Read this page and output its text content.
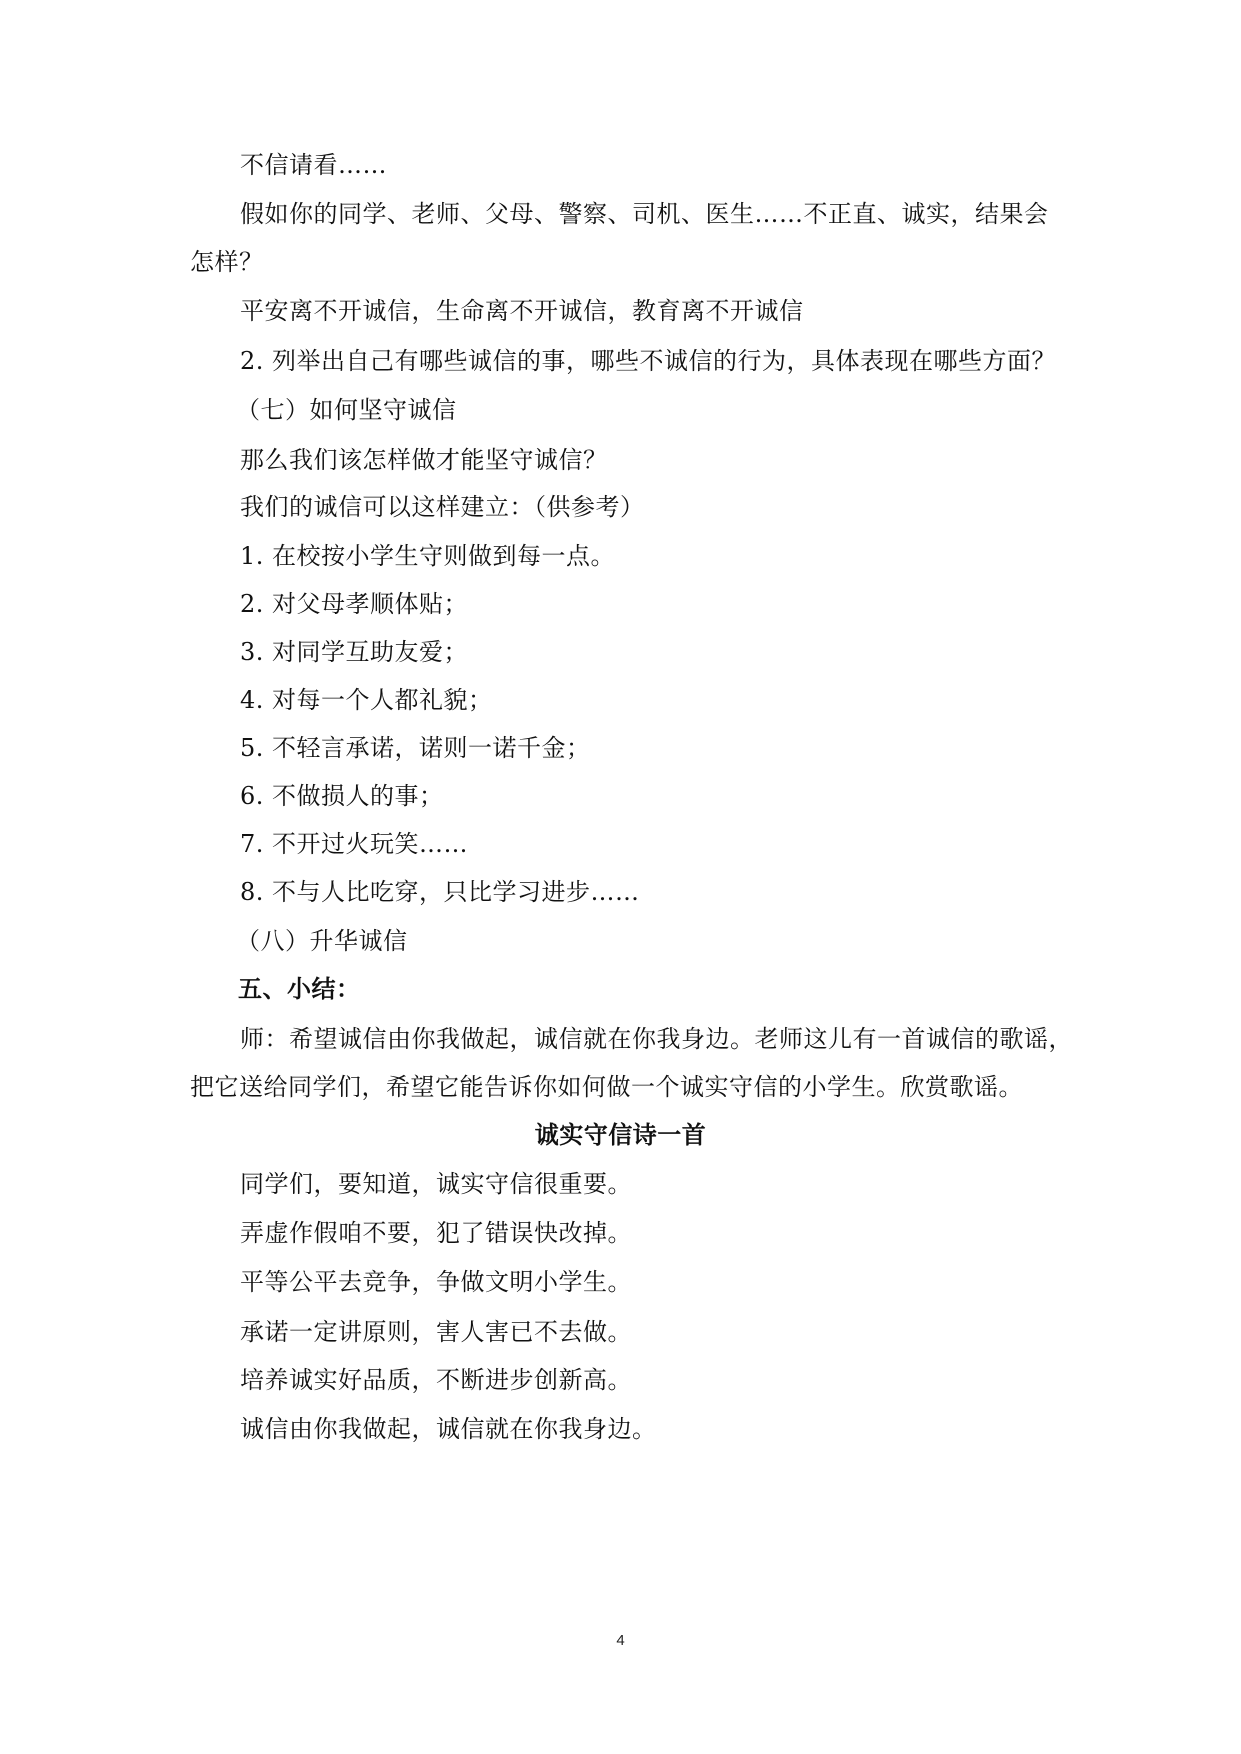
不信请看……
假如你的同学、老师、父母、警察、司机、医生……不正直、诚实，结果会
怎样？
平安离不开诚信，生命离不开诚信，教育离不开诚信
2. 列举出自己有哪些诚信的事，哪些不诚信的行为，具体表现在哪些方面？
（七）如何坚守诚信
那么我们该怎样做才能坚守诚信？
我们的诚信可以这样建立：（供参考）
1. 在校按小学生守则做到每一点。
2. 对父母孝顺体贴；
3. 对同学互助友爱；
4. 对每一个人都礼貌；
5. 不轻言承诺，诺则一诺千金；
6. 不做损人的事；
7. 不开过火玩笑……
8. 不与人比吃穿，只比学习进步……
（八）升华诚信
五、小结：
师：希望诚信由你我做起，诚信就在你我身边。老师这儿有一首诚信的歌谣，
把它送给同学们，希望它能告诉你如何做一个诚实守信的小学生。欣赏歌谣。
诚实守信诗一首
同学们，要知道，诚实守信很重要。
弄虚作假咱不要，犯了错误快改掉。
平等公平去竞争，争做文明小学生。
承诺一定讲原则，害人害已不去做。
培养诚实好品质，不断进步创新高。
诚信由你我做起，诚信就在你我身边。
4
